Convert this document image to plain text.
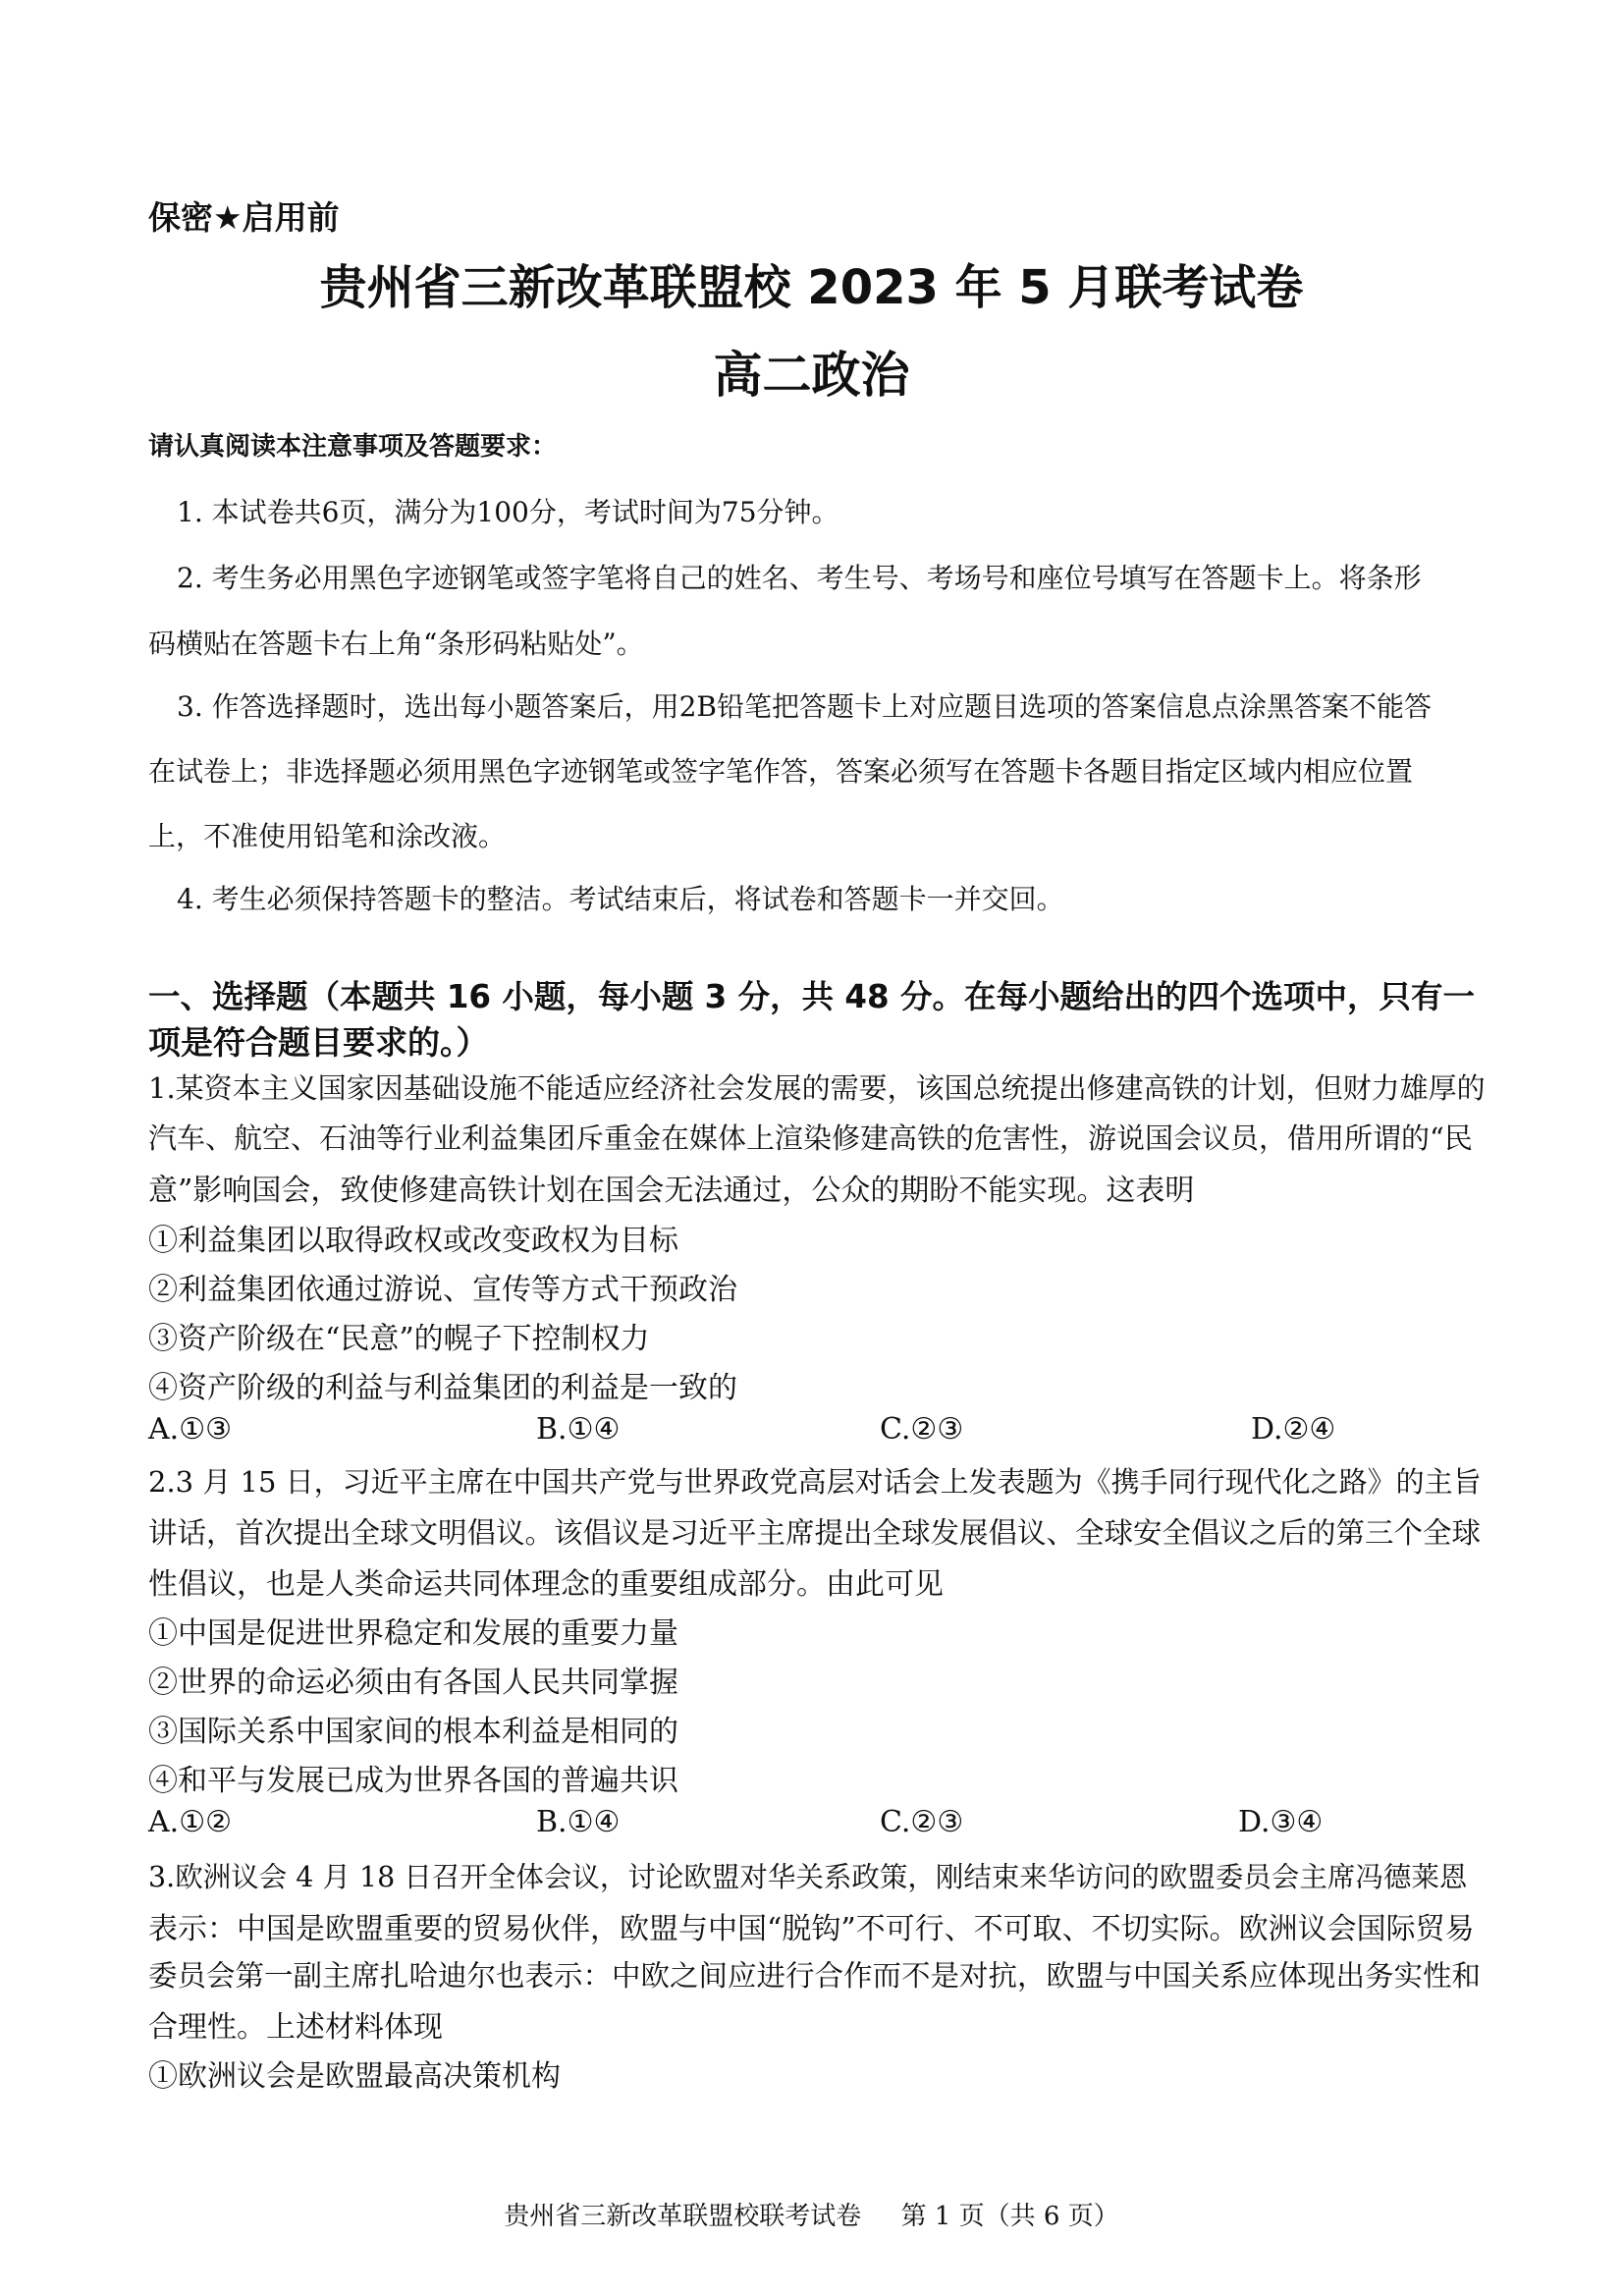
保密★启用前
贵州省三新改革联盟校 2023 年 5 月联考试卷
高二政治
请认真阅读本注意事项及答题要求：
1. 本试卷共6页，满分为100分，考试时间为75分钟。
2. 考生务必用黑色字迹钢笔或签字笔将自己的姓名、考生号、考场号和座位号填写在答题卡上。将条形
码横贴在答题卡右上角“条形码粘贴处”。
3. 作答选择题时，选出每小题答案后，用2B铅笔把答题卡上对应题目选项的答案信息点涂黑答案不能答
在试卷上；非选择题必须用黑色字迹钢笔或签字笔作答，答案必须写在答题卡各题目指定区域内相应位置
上，不准使用铅笔和涂改液。
4. 考生必须保持答题卡的整洁。考试结束后，将试卷和答题卡一并交回。
一、选择题（本题共 16 小题，每小题 3 分，共 48 分。在每小题给出的四个选项中，只有一
项是符合题目要求的。）
1.某资本主义国家因基础设施不能适应经济社会发展的需要，该国总统提出修建高铁的计划，但财力雄厚的
汽车、航空、石油等行业利益集团斥重金在媒体上渲染修建高铁的危害性，游说国会议员，借用所谓的“民
意”影响国会，致使修建高铁计划在国会无法通过，公众的期盼不能实现。这表明
①利益集团以取得政权或改变政权为目标
②利益集团依通过游说、宣传等方式干预政治
③资产阶级在“民意”的幌子下控制权力
④资产阶级的利益与利益集团的利益是一致的
A.①③	B.①④	C.②③	D.②④
2.3 月 15 日，习近平主席在中国共产党与世界政党高层对话会上发表题为《携手同行现代化之路》的主旨
讲话，首次提出全球文明倡议。该倡议是习近平主席提出全球发展倡议、全球安全倡议之后的第三个全球
性倡议，也是人类命运共同体理念的重要组成部分。由此可见
①中国是促进世界稳定和发展的重要力量
②世界的命运必须由有各国人民共同掌握
③国际关系中国家间的根本利益是相同的
④和平与发展已成为世界各国的普遍共识
A.①②	B.①④	C.②③	D.③④
3.欧洲议会 4 月 18 日召开全体会议，讨论欧盟对华关系政策，刚结束来华访问的欧盟委员会主席冯德莱恩
表示：中国是欧盟重要的贸易伙伴，欧盟与中国“脱钩”不可行、不可取、不切实际。欧洲议会国际贸易
委员会第一副主席扎哈迪尔也表示：中欧之间应进行合作而不是对抗，欧盟与中国关系应体现出务实性和
合理性。上述材料体现
①欧洲议会是欧盟最高决策机构
贵州省三新改革联盟校联考试卷 第 1 页（共 6 页）
